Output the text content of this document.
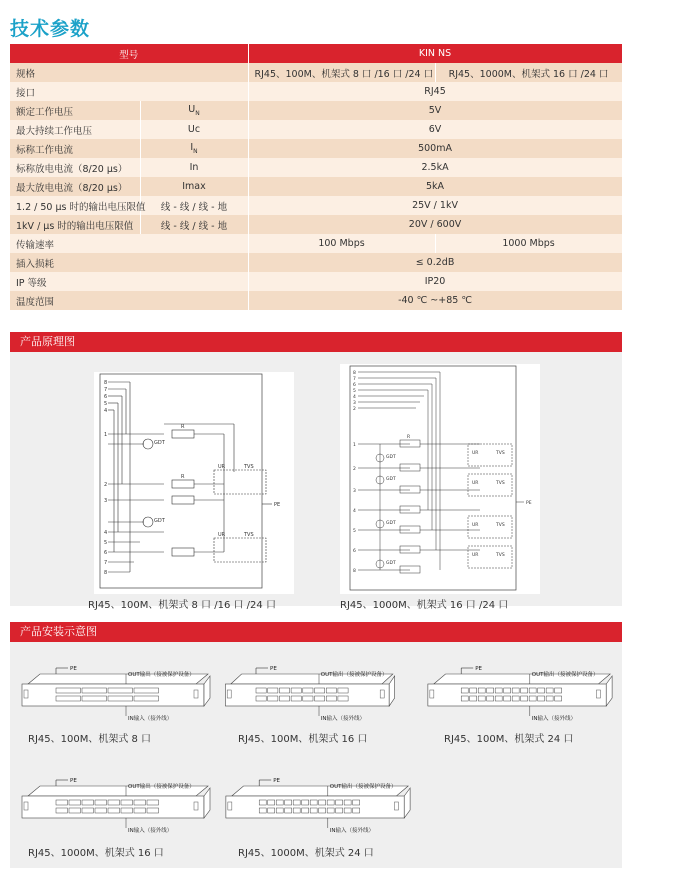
技术参数
型号		KIN NS	
规格		RJ45、100M、机架式 8 口 /16 口 /24 口	RJ45、1000M、机架式 16 口 /24 口
接口		RJ45	
额定工作电压	$U_N$	5V	
最大持续工作电压	Uc	6V	
标称工作电流	$I_N$	500mA	
标称放电电流（8/20 µs）	In	2.5kA	
最大放电电流（8/20 µs）	Imax	5kA	
1.2 / 50 µs 时的输出电压限值	线 - 线 / 线 - 地	25V / 1kV	
1kV / µs 时的输出电压限值	线 - 线 / 线 - 地	20V / 600V	
传输速率		100 Mbps	1000 Mbps
插入损耗		≤ 0.2dB	
IP 等级		IP20	
温度范围		-40 ℃ ~+85 ℃	
产品原理图
8
7
6
5
4
1
2
3
4
5
6
7
8
GDT
GDT
UR	TVS
UR	TVS
R
R
PE
8
7
6
5
4
3
2
1
2
3
4
5
6
8
GDT
GDT
GDT
GDT
UR	TVS
UR	TVS
UR	TVS
UR	TVS
R
PE
RJ45、100M、机架式 8 口 /16 口 /24 口	RJ45、1000M、机架式 16 口 /24 口
产品安装示意图
PE
OUT输出（接被保护设备）
IN输入（接外线）
PE
OUT输出（接被保护设备）
IN输入（接外线）
PE
OUT输出（接被保护设备）
IN输入（接外线）
PE
OUT输出（接被保护设备）
IN输入（接外线）
PE
OUT输出（接被保护设备）
IN输入（接外线）
RJ45、100M、机架式 8 口	RJ45、100M、机架式 16 口	RJ45、100M、机架式 24 口
RJ45、1000M、机架式 16 口	RJ45、1000M、机架式 24 口
